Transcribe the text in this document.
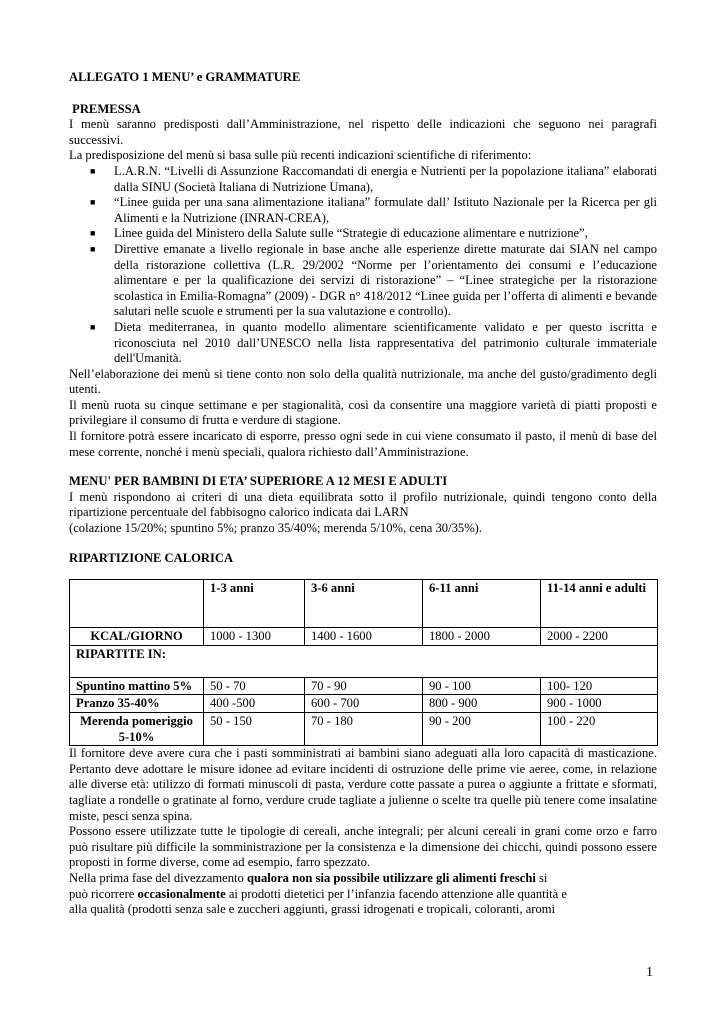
ALLEGATO 1 MENU’ e GRAMMATURE

PREMESSA

I menù saranno predisposti dall’Amministrazione, nel rispetto delle indicazioni che seguono nei paragrafi successivi.

La predisposizione del menù si basa sulle più recenti indicazioni scientifiche di riferimento:

■ L.A.R.N. “Livelli di Assunzione Raccomandati di energia e Nutrienti per la popolazione italiana” elaborati dalla SINU (Società Italiana di Nutrizione Umana),
■ “Linee guida per una sana alimentazione italiana” formulate dall’ Istituto Nazionale per la Ricerca per gli Alimenti e la Nutrizione (INRAN-CREA),
■ Linee guida del Ministero della Salute sulle “Strategie di educazione alimentare e nutrizione”,
■ Direttive emanate a livello regionale in base anche alle esperienze dirette maturate dai SIAN nel campo della ristorazione collettiva (L.R. 29/2002 “Norme per l’orientamento dei consumi e l’educazione alimentare e per la qualificazione dei servizi di ristorazione” – “Linee strategiche per la ristorazione scolastica in Emilia-Romagna” (2009) - DGR n° 418/2012 “Linee guida per l’offerta di alimenti e bevande salutari nelle scuole e strumenti per la sua valutazione e controllo).
■ Dieta mediterranea, in quanto modello alimentare scientificamente validato e per questo iscritta e riconosciuta nel 2010 dall’UNESCO nella lista rappresentativa del patrimonio culturale immateriale dell'Umanità.

Nell’elaborazione dei menù si tiene conto non solo della qualità nutrizionale, ma anche del gusto/gradimento degli utenti.

Il menù ruota su cinque settimane e per stagionalità, così da consentire una maggiore varietà di piatti proposti e privilegiare il consumo di frutta e verdure di stagione.

Il fornitore potrà essere incaricato di esporre, presso ogni sede in cui viene consumato il pasto, il menù di base del mese corrente, nonché i menù speciali, qualora richiesto dall’Amministrazione.

MENU' PER BAMBINI DI ETA’ SUPERIORE A 12 MESI E ADULTI

I menù rispondono ai criteri di una dieta equilibrata sotto il profilo nutrizionale, quindi tengono conto della ripartizione percentuale del fabbisogno calorico indicata dai LARN

(colazione 15/20%; spuntino 5%; pranzo 35/40%; merenda 5/10%, cena 30/35%).

RIPARTIZIONE CALORICA

	1-3 anni	3-6 anni	6-11 anni	11-14 anni e adulti
KCAL/GIORNO	1000 - 1300	1400 - 1600	1800 - 2000	2000 - 2200
RIPARTITE IN:				
Spuntino mattino 5%	50 - 70	70 - 90	90 - 100	100- 120
Pranzo 35-40%	400 -500	600 - 700	800 - 900	900 - 1000
Merenda pomeriggio 5-10%	50 - 150	70 - 180	90 - 200	100 - 220

Il fornitore deve avere cura che i pasti somministrati ai bambini siano adeguati alla loro capacità di masticazione. Pertanto deve adottare le misure idonee ad evitare incidenti di ostruzione delle prime vie aeree, come, in relazione alle diverse età: utilizzo di formati minuscoli di pasta, verdure cotte passate a purea o aggiunte a frittate e sformati, tagliate a rondelle o gratinate al forno, verdure crude tagliate a julienne o scelte tra quelle più tenere come insalatine miste, pesci senza spina.

Possono essere utilizzate tutte le tipologie di cereali, anche integrali; per alcuni cereali in grani come orzo e farro può risultare più difficile la somministrazione per la consistenza e la dimensione dei chicchi, quindi possono essere proposti in forme diverse, come ad esempio, farro spezzato.

Nella prima fase del divezzamento qualora non sia possibile utilizzare gli alimenti freschi si

può ricorrere occasionalmente ai prodotti dietetici per l’infanzia facendo attenzione alle quantità e

alla qualità (prodotti senza sale e zuccheri aggiunti, grassi idrogenati e tropicali, coloranti, aromi

1
